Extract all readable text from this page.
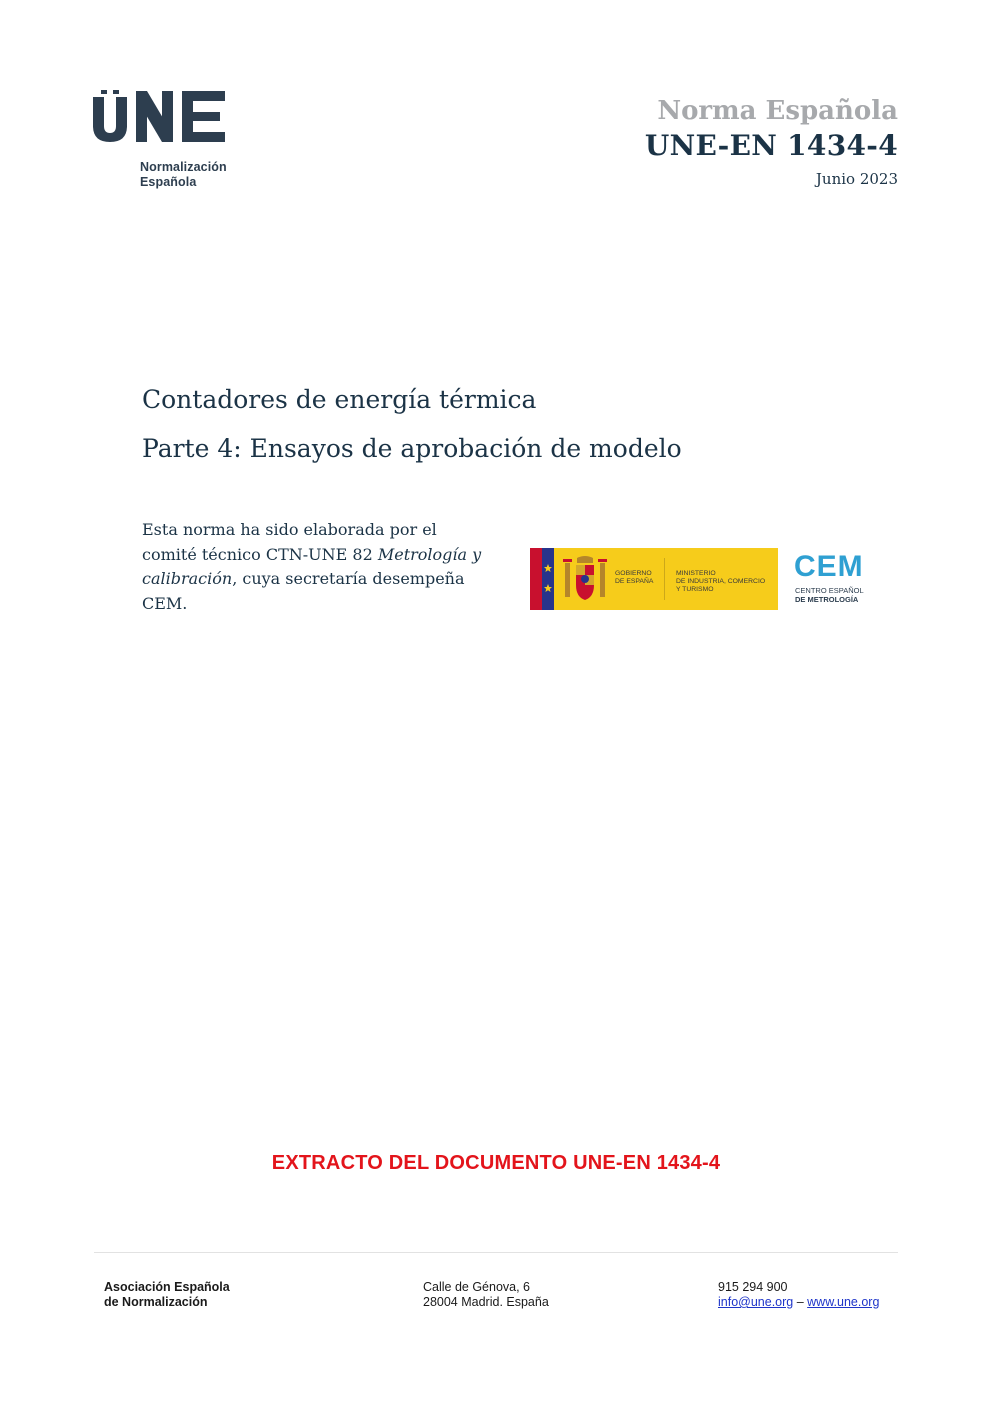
Normalización
Española
Norma Española
UNE-EN 1434-4
Junio 2023
Contadores de energía térmica
Parte 4: Ensayos de aprobación de modelo
Esta norma ha sido elaborada por el
comité técnico CTN-UNE 82 Metrología y
calibración, cuya secretaría desempeña
CEM.
GOBIERNO
DE ESPAÑA
MINISTERIO
DE INDUSTRIA, COMERCIO
Y TURISMO
CEM
CENTRO ESPAÑOL
DE METROLOGÍA
EXTRACTO DEL DOCUMENTO UNE-EN 1434-4
Asociación Española
de Normalización
Calle de Génova, 6
28004 Madrid. España
915 294 900
info@une.org – www.une.org
